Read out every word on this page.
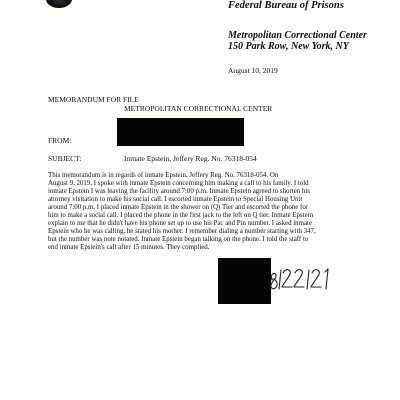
Federal Bureau of Prisons
Metropolitan Correctional Center
150 Park Row, New York, NY
August 10, 2019
MEMORANDUM FOR FILE
METROPOLITAN CORRECTIONAL CENTER
FROM:
SUBJECT:	Inmate Epstein, Jeffery Reg. No. 76318-054
This memorandum is in regards of inmate Epstein, Jeffery Reg. No. 76318-054. On
August 9, 2019, I spoke with inmate Epstein concerning him making a call to his family. I told
inmate Epstein I was leaving the facility around 7:00 p.m. Inmate Epstein agreed to shorten his
attorney visitation to make his social call. I escorted inmate Epstein to Special Housing Unit
around 7:00 p.m. I placed inmate Epstein in the shower on (Q) Tier and escorted the phone for
him to make a social call. I placed the phone in the first jack to the left on Q tier. Inmate Epstein
explain to me that he didn't have his phone set up to use his Pac and Pin number. I asked inmate
Epstein who he was calling, he stated his mother. I remember dialing a number starting with 347,
but the number was note notated. Inmate Epstein began talking on the phone. I told the staff to
end inmate Epstein's call after 15 minutes. They complied.
